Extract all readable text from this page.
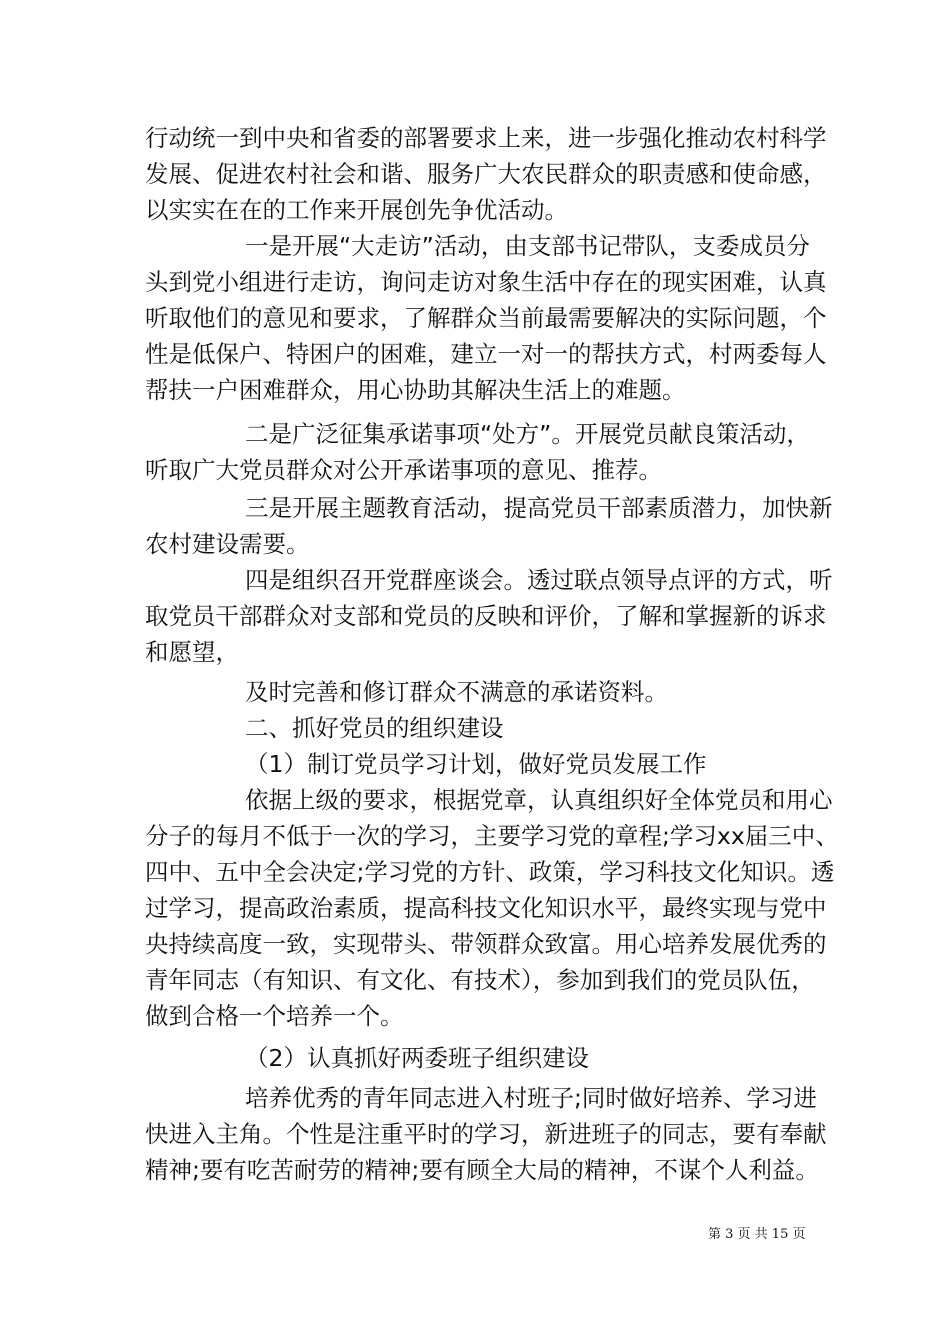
行动统一到中央和省委的部署要求上来，进一步强化推动农村科学
发展、促进农村社会和谐、服务广大农民群众的职责感和使命感，
以实实在在的工作来开展创先争优活动。
一是开展“大走访”活动，由支部书记带队，支委成员分
头到党小组进行走访，询问走访对象生活中存在的现实困难，认真
听取他们的意见和要求，了解群众当前最需要解决的实际问题，个
性是低保户、特困户的困难，建立一对一的帮扶方式，村两委每人
帮扶一户困难群众，用心协助其解决生活上的难题。
二是广泛征集承诺事项“处方”。开展党员献良策活动，
听取广大党员群众对公开承诺事项的意见、推荐。
三是开展主题教育活动，提高党员干部素质潜力，加快新
农村建设需要。
四是组织召开党群座谈会。透过联点领导点评的方式，听
取党员干部群众对支部和党员的反映和评价，了解和掌握新的诉求
和愿望，
及时完善和修订群众不满意的承诺资料。
二、抓好党员的组织建设
（1）制订党员学习计划，做好党员发展工作
依据上级的要求，根据党章，认真组织好全体党员和用心
分子的每月不低于一次的学习，主要学习党的章程;学习xx届三中、
四中、五中全会决定;学习党的方针、政策，学习科技文化知识。透
过学习，提高政治素质，提高科技文化知识水平，最终实现与党中
央持续高度一致，实现带头、带领群众致富。用心培养发展优秀的
青年同志（有知识、有文化、有技术），参加到我们的党员队伍，
做到合格一个培养一个。
（2）认真抓好两委班子组织建设
培养优秀的青年同志进入村班子;同时做好培养、学习进
快进入主角。个性是注重平时的学习，新进班子的同志，要有奉献
精神;要有吃苦耐劳的精神;要有顾全大局的精神，不谋个人利益。
第 3 页 共 15 页
